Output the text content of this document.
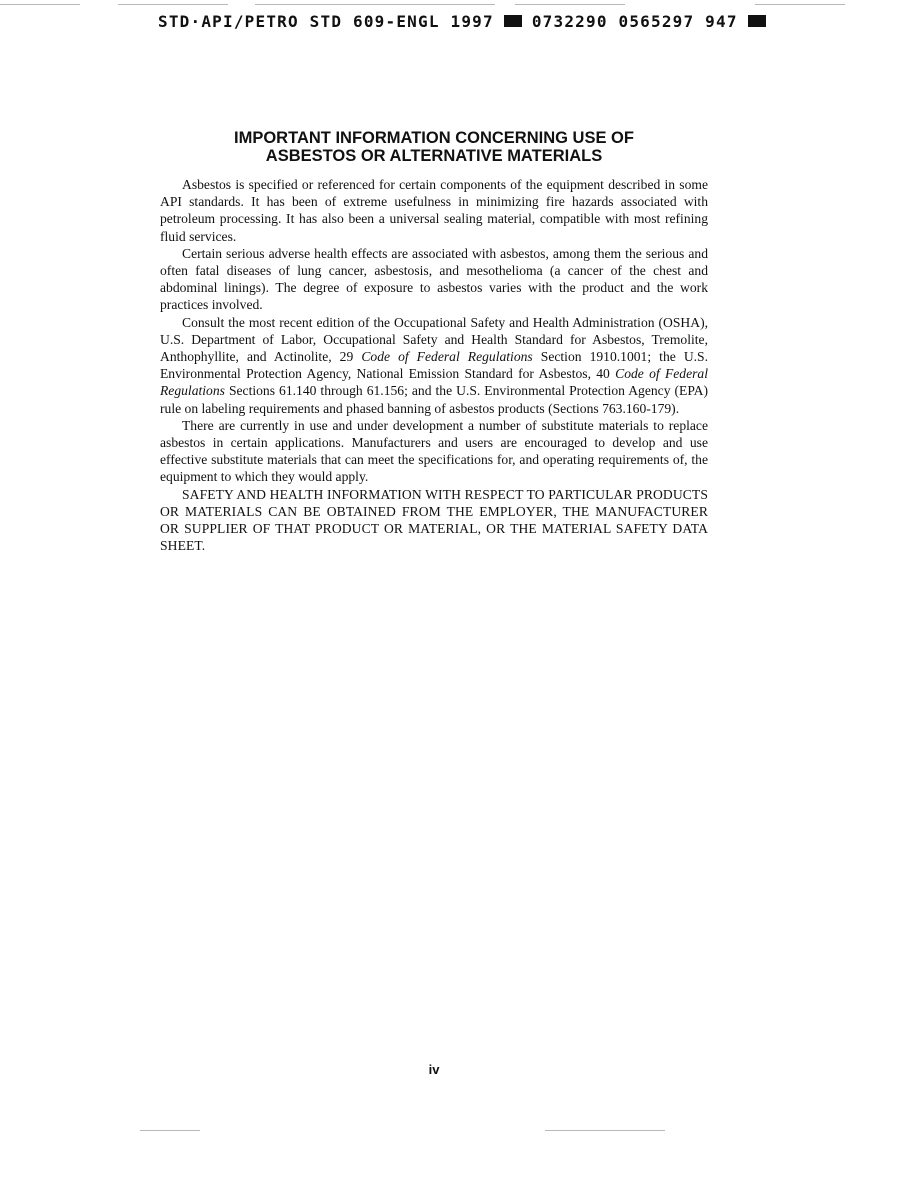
STD·API/PETRO STD 609-ENGL 1997 0732290 0565297 947
IMPORTANT INFORMATION CONCERNING USE OF
ASBESTOS OR ALTERNATIVE MATERIALS

Asbestos is specified or referenced for certain components of the equipment described in some API standards. It has been of extreme usefulness in minimizing fire hazards associated with petroleum processing. It has also been a universal sealing material, compatible with most refining fluid services.

Certain serious adverse health effects are associated with asbestos, among them the serious and often fatal diseases of lung cancer, asbestosis, and mesothelioma (a cancer of the chest and abdominal linings). The degree of exposure to asbestos varies with the product and the work practices involved.

Consult the most recent edition of the Occupational Safety and Health Administration (OSHA), U.S. Department of Labor, Occupational Safety and Health Standard for Asbestos, Tremolite, Anthophyllite, and Actinolite, 29 Code of Federal Regulations Section 1910.1001; the U.S. Environmental Protection Agency, National Emission Standard for Asbestos, 40 Code of Federal Regulations Sections 61.140 through 61.156; and the U.S. Environmental Protection Agency (EPA) rule on labeling requirements and phased banning of asbestos products (Sections 763.160-179).

There are currently in use and under development a number of substitute materials to replace asbestos in certain applications. Manufacturers and users are encouraged to develop and use effective substitute materials that can meet the specifications for, and operating requirements of, the equipment to which they would apply.

SAFETY AND HEALTH INFORMATION WITH RESPECT TO PARTICULAR PRODUCTS OR MATERIALS CAN BE OBTAINED FROM THE EMPLOYER, THE MANUFACTURER OR SUPPLIER OF THAT PRODUCT OR MATERIAL, OR THE MATERIAL SAFETY DATA SHEET.

iv
